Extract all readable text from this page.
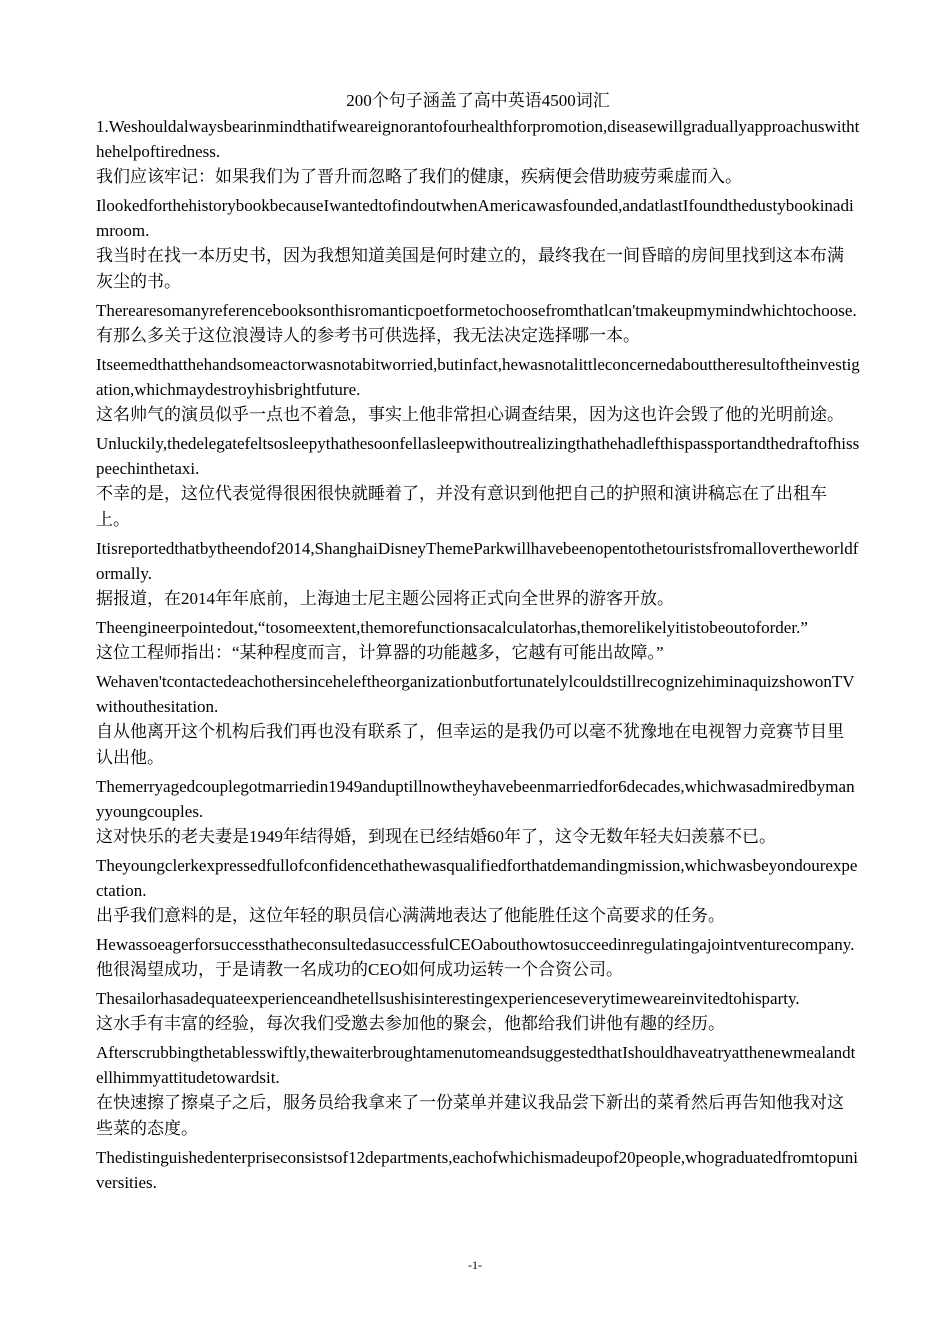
200个句子涵盖了高中英语4500词汇

1.Weshouldalwaysbearinmindthatifweareignorantofourhealthforpromotion,diseasewillgraduallyapproachuswiththehelpoftiredness.

我们应该牢记：如果我们为了晋升而忽略了我们的健康，疾病便会借助疲劳乘虚而入。

IlookedforthehistorybookbecauseIwantedtofindoutwhenAmericawasfounded,andatlastIfoundthedustybookinadimroom.

我当时在找一本历史书，因为我想知道美国是何时建立的，最终我在一间昏暗的房间里找到这本布满灰尘的书。

Therearesomanyreferencebooksonthisromanticpoetformetochoosefromthatlcan'tmakeupmymindwhichtochoose.

有那么多关于这位浪漫诗人的参考书可供选择，我无法决定选择哪一本。

Itseemedthatthehandsomeactorwasnotabitworried,butinfact,hewasnotalittleconcernedabouttheresultoftheinvestigation,whichmaydestroyhisbrightfuture.

这名帅气的演员似乎一点也不着急，事实上他非常担心调查结果，因为这也许会毁了他的光明前途。

Unluckily,thedelegatefeltsosleepythathesoonfellasleepwithoutrealizingthathehadlefthispassportandthedraftofhisspeechinthetaxi.

不幸的是，这位代表觉得很困很快就睡着了，并没有意识到他把自己的护照和演讲稿忘在了出租车上。

Itisreportedthatbytheendof2014,ShanghaiDisneyThemeParkwillhavebeenopentothetouristsfromallovertheworldformally.

据报道，在2014年年底前，上海迪士尼主题公园将正式向全世界的游客开放。

Theengineerpointedout,“tosomeextent,themorefunctionsacalculatorhas,themorelikelyitistobeoutoforder.”

这位工程师指出：“某种程度而言，计算器的功能越多，它越有可能出故障。”

Wehaven'tcontactedeachothersinceheleftheorganizationbutfortunatelylcouldstillrecognizehiminaquizshowonTVwithouthesitation.

自从他离开这个机构后我们再也没有联系了，但幸运的是我仍可以毫不犹豫地在电视智力竞赛节目里认出他。

Themerryagedcouplegotmarriedin1949anduptillnowtheyhavebeenmarriedfor6decades,whichwasadmiredbymanyyoungcouples.

这对快乐的老夫妻是1949年结得婚，到现在已经结婚60年了，这令无数年轻夫妇羡慕不已。

Theyoungclerkexpressedfullofconfidencethathewasqualifiedforthatdemandingmission,whichwasbeyondourexpectation.

出乎我们意料的是，这位年轻的职员信心满满地表达了他能胜任这个高要求的任务。

HewassoeagerforsuccessthatheconsultedasuccessfulCEOabouthowtosucceedinregulatingajointventurecompany.

他很渴望成功，于是请教一名成功的CEO如何成功运转一个合资公司。

Thesailorhasadequateexperienceandhetellsushisinterestingexperienceseverytimeweareinvitedtohisparty.

这水手有丰富的经验，每次我们受邀去参加他的聚会，他都给我们讲他有趣的经历。

Afterscrubbingthetablesswiftly,thewaiterbroughtamenutomeandsuggestedthatIshouldhaveatryatthenewmealandtellhimmyattitudetowardsit.

在快速擦了擦桌子之后，服务员给我拿来了一份菜单并建议我品尝下新出的菜肴然后再告知他我对这些菜的态度。

Thedistinguishedenterpriseconsistsof12departments,eachofwhichismadeupof20people,whograduatedfromtopuniversities.

-1-
